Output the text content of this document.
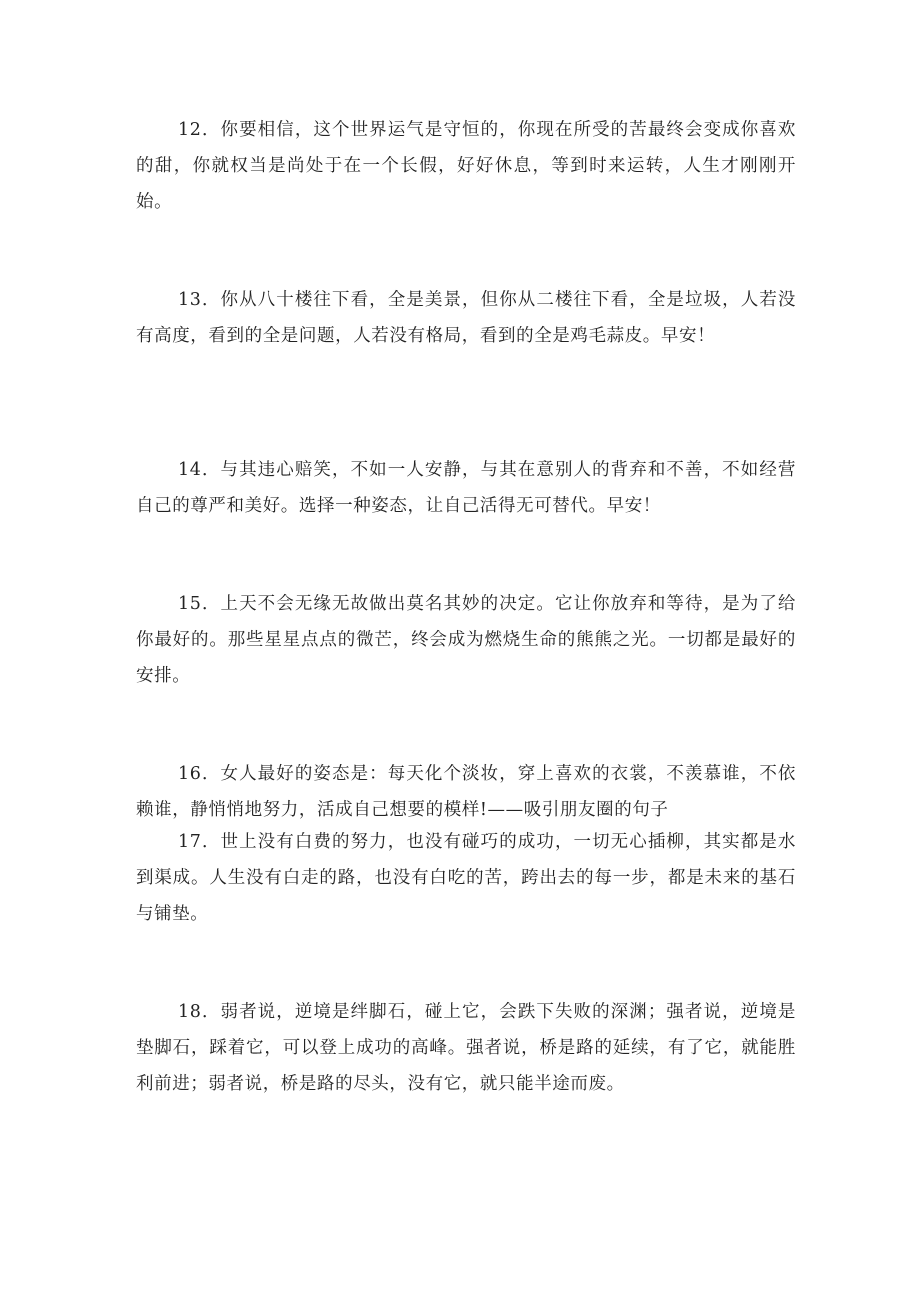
12．你要相信，这个世界运气是守恒的，你现在所受的苦最终会变成你喜欢的甜，你就权当是尚处于在一个长假，好好休息，等到时来运转，人生才刚刚开始。

13．你从八十楼往下看，全是美景，但你从二楼往下看，全是垃圾，人若没有高度，看到的全是问题，人若没有格局，看到的全是鸡毛蒜皮。早安！

14．与其违心赔笑，不如一人安静，与其在意别人的背弃和不善，不如经营自己的尊严和美好。选择一种姿态，让自己活得无可替代。早安！

15．上天不会无缘无故做出莫名其妙的决定。它让你放弃和等待，是为了给你最好的。那些星星点点的微芒，终会成为燃烧生命的熊熊之光。一切都是最好的安排。

16．女人最好的姿态是：每天化个淡妆，穿上喜欢的衣裳，不羡慕谁，不依赖谁，静悄悄地努力，活成自己想要的模样!——吸引朋友圈的句子

17．世上没有白费的努力，也没有碰巧的成功，一切无心插柳，其实都是水到渠成。人生没有白走的路，也没有白吃的苦，跨出去的每一步，都是未来的基石与铺垫。

18．弱者说，逆境是绊脚石，碰上它，会跌下失败的深渊；强者说，逆境是垫脚石，踩着它，可以登上成功的高峰。强者说，桥是路的延续，有了它，就能胜利前进；弱者说，桥是路的尽头，没有它，就只能半途而废。
